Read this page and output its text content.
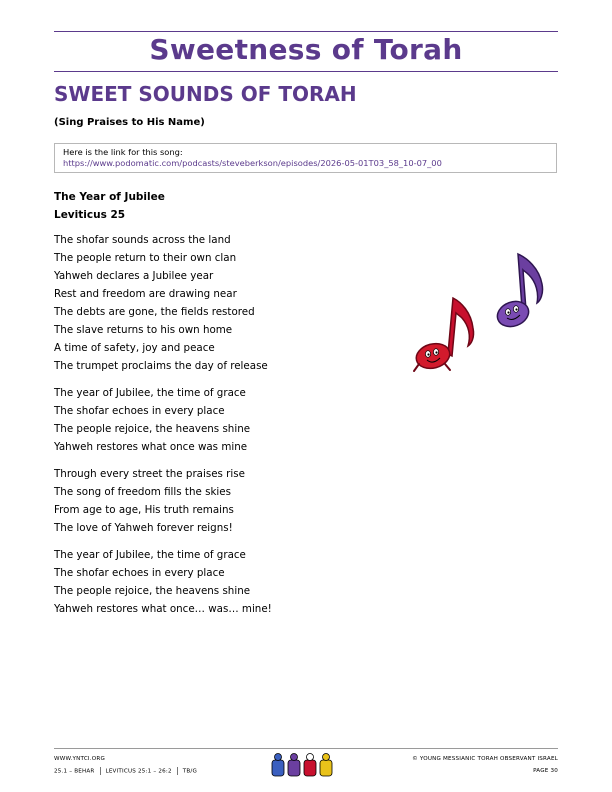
Sweetness of Torah
SWEET SOUNDS OF TORAH
(Sing Praises to His Name)
Here is the link for this song:
https://www.podomatic.com/podcasts/steveberkson/episodes/2026-05-01T03_58_10-07_00
The Year of Jubilee
Leviticus 25
The shofar sounds across the land
The people return to their own clan
Yahweh declares a Jubilee year
Rest and freedom are drawing near
The debts are gone, the fields restored
The slave returns to his own home
A time of safety, joy and peace
The trumpet proclaims the day of release
The year of Jubilee, the time of grace
The shofar echoes in every place
The people rejoice, the heavens shine
Yahweh restores what once was mine
Through every street the praises rise
The song of freedom fills the skies
From age to age, His truth remains
The love of Yahweh forever reigns!
The year of Jubilee, the time of grace
The shofar echoes in every place
The people rejoice, the heavens shine
Yahweh restores what once… was… mine!
WWW.YNTCI.ORG
25.1 – BEHAR LEVITICUS 25:1 – 26:2 TB/G
© YOUNG MESSIANIC TORAH OBSERVANT ISRAEL
PAGE 30
